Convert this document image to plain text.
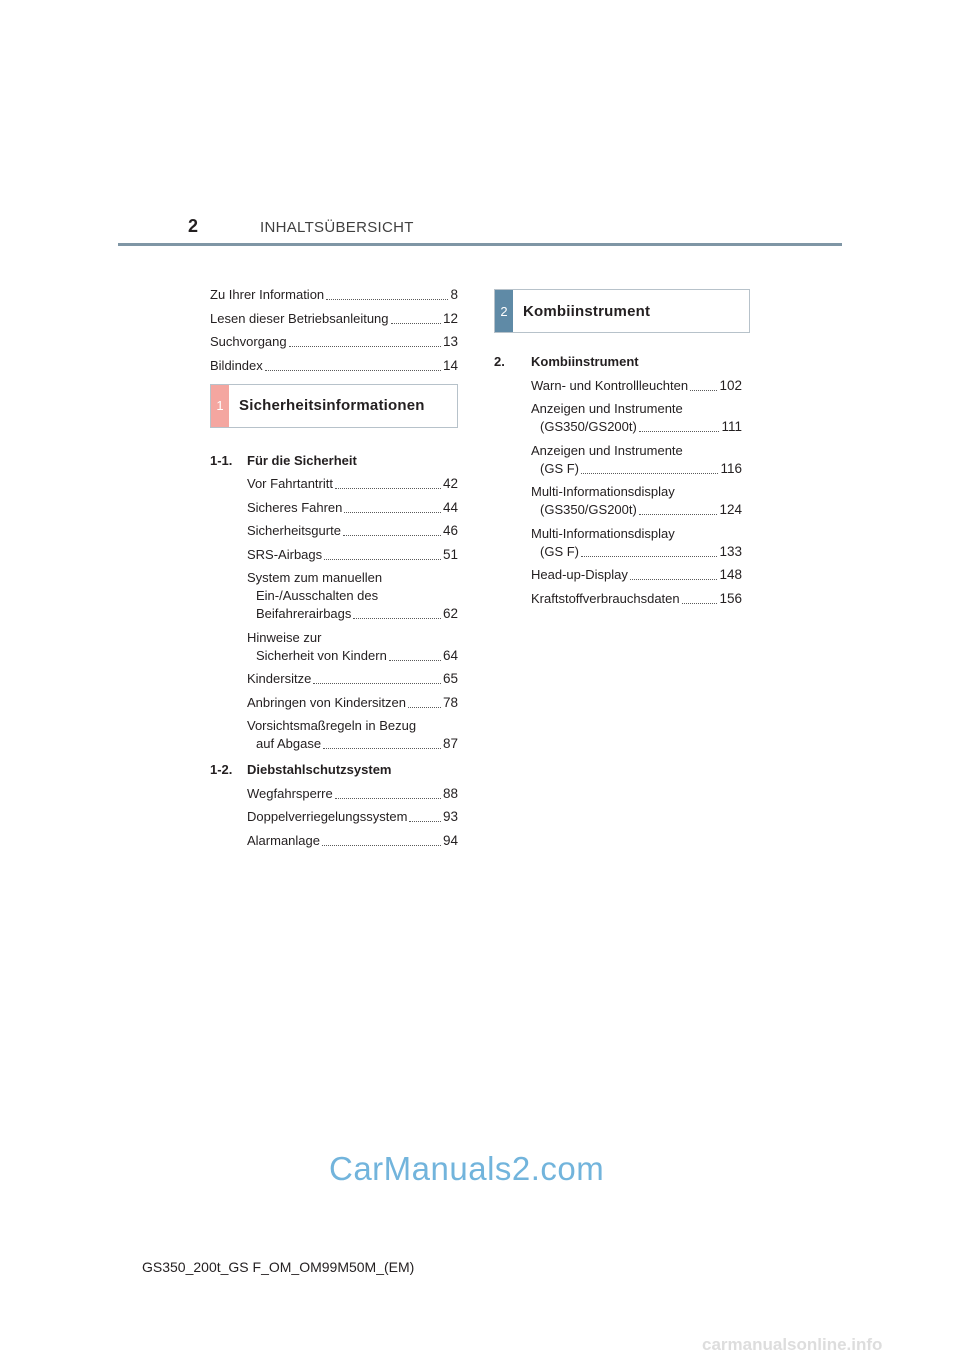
2	INHALTSÜBERSICHT
Zu Ihrer Information	8
Lesen dieser Betriebsanleitung	12
Suchvorgang	13
Bildindex	14
1	Sicherheitsinformationen
1-1.	Für die Sicherheit
Vor Fahrtantritt	42
Sicheres Fahren	44
Sicherheitsgurte	46
SRS-Airbags	51
System zum manuellen
Ein-/Ausschalten des
Beifahrerairbags	62
Hinweise zur
Sicherheit von Kindern	64
Kindersitze	65
Anbringen von Kindersitzen	78
Vorsichtsmaßregeln in Bezug
auf Abgase	87
1-2.	Diebstahlschutzsystem
Wegfahrsperre	88
Doppelverriegelungssystem	93
Alarmanlage	94
2	Kombiinstrument
2.	Kombiinstrument
Warn- und Kontrollleuchten 102
Anzeigen und Instrumente
(GS350/GS200t)	111
Anzeigen und Instrumente
(GS F)	116
Multi-Informationsdisplay
(GS350/GS200t)	124
Multi-Informationsdisplay
(GS F)	133
Head-up-Display	148
Kraftstoffverbrauchsdaten	156
CarManuals2.com
GS350_200t_GS F_OM_OM99M50M_(EM)
carmanualsonline.info
